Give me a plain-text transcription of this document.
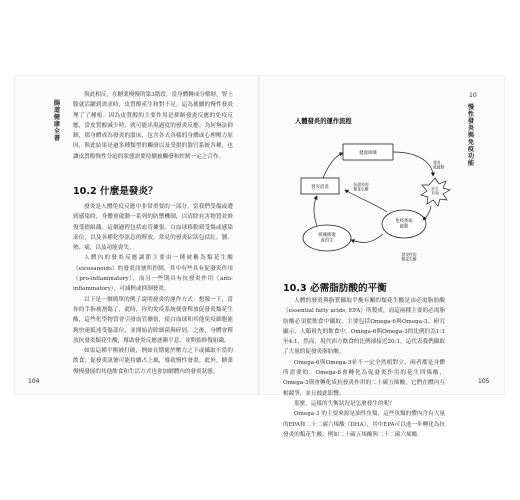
腸道健康全書
10
慢性發炎與免疫功能

與此相反，在糖業慢慢的第3階段，當身體轉成分解時，腎上腺就活躍到需求時，皮質醇產生和對不足。這為後續的慢性發炎埋了了種根。因為皮質醇的主要作用是抑制發炎反應的免疫反應，當皮質醇減少時，就可能出現過度的發炎反應；為何無法抑制，那身體成為發炎的溫床，包含各式各樣的身體或心理壓力原因，與此結果是過多種類型的觸發以及受損的器官系統各種，也讓皮質醇慢性分泌的狀態需要持續被觸發和控制一定之合作。

10.2 什麼是發炎？

發炎是人體免疫反應中非常重要的一部分，當我們受傷或遭到感染時，身體會啟動一系列的防禦機制，以清除有害物質並修復受損組織。這個過程包括血管擴張、白血球移動到受傷或感染部位，以及各種化學訊息的釋放。常見的發炎症狀包括紅、腫、熱、痛，以及功能喪失。

人體內的發炎反應調節主要由一種被稱為類花生酸（eicosanoids）的發炎訊號所控制，其中有些具有促發炎作用（pro-inflammatory），而另一些則具有抗發炎作用（anti-inflammatory），可減輕或抑制發炎。

以下是一個簡單的例子說明發炎的運作方式：想像一下，當你的手指被割傷了，此時，你的免疫系統便會釋放促發炎類花生酸，這些化學物質會引發血管擴張，使白血球和其他免疫細胞能夠快速抵達受傷部位，並開始清除細菌與碎屑。之後，身體會釋放抗發炎類花生酸，幫助發炎反應逐漸平息，並開始修復組織。

如果這種平衡被打破，例如長期處於壓力之下或攝取不當的飲食，促發炎訊號可能持續占上風，導致慢性發炎。此外，糖業慢慢發展的其他飲食和生活方式也會加劇體內的發炎狀態。

人體發炎的運作流程
健康組織
發炎消退	安全有效
組織修復或再生
免疫系統啟動
發炎被啟動
抗發炎的類花生酸
發炎性的類花生酸
10.3 必需脂肪酸的平衡

人體的發炎與脂質攝取平衡有關的類花生酸是由必需脂肪酸（essential fatty acids, EFA）所製成，而這兩種主要的必需脂肪酸必須從飲食中攝取，主要包括Omega-6與Omega-3。研究顯示，人類祖先的飲食中，Omega-6與Omega-3的比例約為1:1至4:1，然而，現代西方飲食的比例卻接近20:1，這代表我們攝取了大量的促發炎脂肪酸。

Omega-6與Omega-3並不一定全然相對立，兩者都是身體所需要的。Omega-6會轉化為促發炎作用的花生四烯酸，Omega-3則會轉化成抗發炎作用的二十碳五烯酸，它們在體內互相競爭，並且彼此影響。

那麼，這樣的失衡狀況是怎麼發生的呢？

Omega-3 的主要來源是油性魚類，這些魚類的體內含有大量的EPA和二十二碳六烯酸（DHA），其中EPA可以進一步轉化為抗發炎的類花生酸，例如二十碳五烯酸與二十二碳六烯酸。

104	105
